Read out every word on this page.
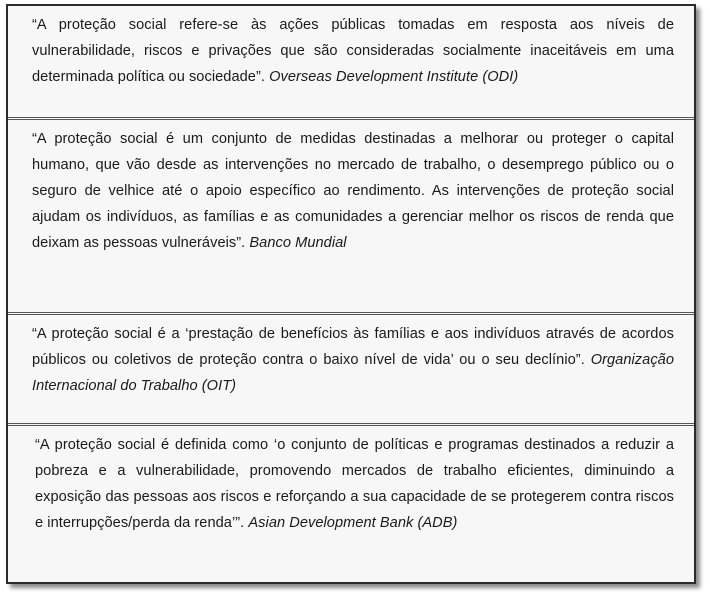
“A proteção social refere-se às ações públicas tomadas em resposta aos níveis de vulnerabilidade, riscos e privações que são consideradas socialmente inaceitáveis em uma determinada política ou sociedade”. Overseas Development Institute (ODI)
“A proteção social é um conjunto de medidas destinadas a melhorar ou proteger o capital humano, que vão desde as intervenções no mercado de trabalho, o desemprego público ou o seguro de velhice até o apoio específico ao rendimento. As intervenções de proteção social ajudam os indivíduos, as famílias e as comunidades a gerenciar melhor os riscos de renda que deixam as pessoas vulneráveis”. Banco Mundial
“A proteção social é a ‘prestação de benefícios às famílias e aos indivíduos através de acordos públicos ou coletivos de proteção contra o baixo nível de vida’ ou o seu declínio”. Organização Internacional do Trabalho (OIT)
“A proteção social é definida como ‘o conjunto de políticas e programas destinados a reduzir a pobreza e a vulnerabilidade, promovendo mercados de trabalho eficientes, diminuindo a exposição das pessoas aos riscos e reforçando a sua capacidade de se protegerem contra riscos e interrupções/perda da renda’”. Asian Development Bank (ADB)
